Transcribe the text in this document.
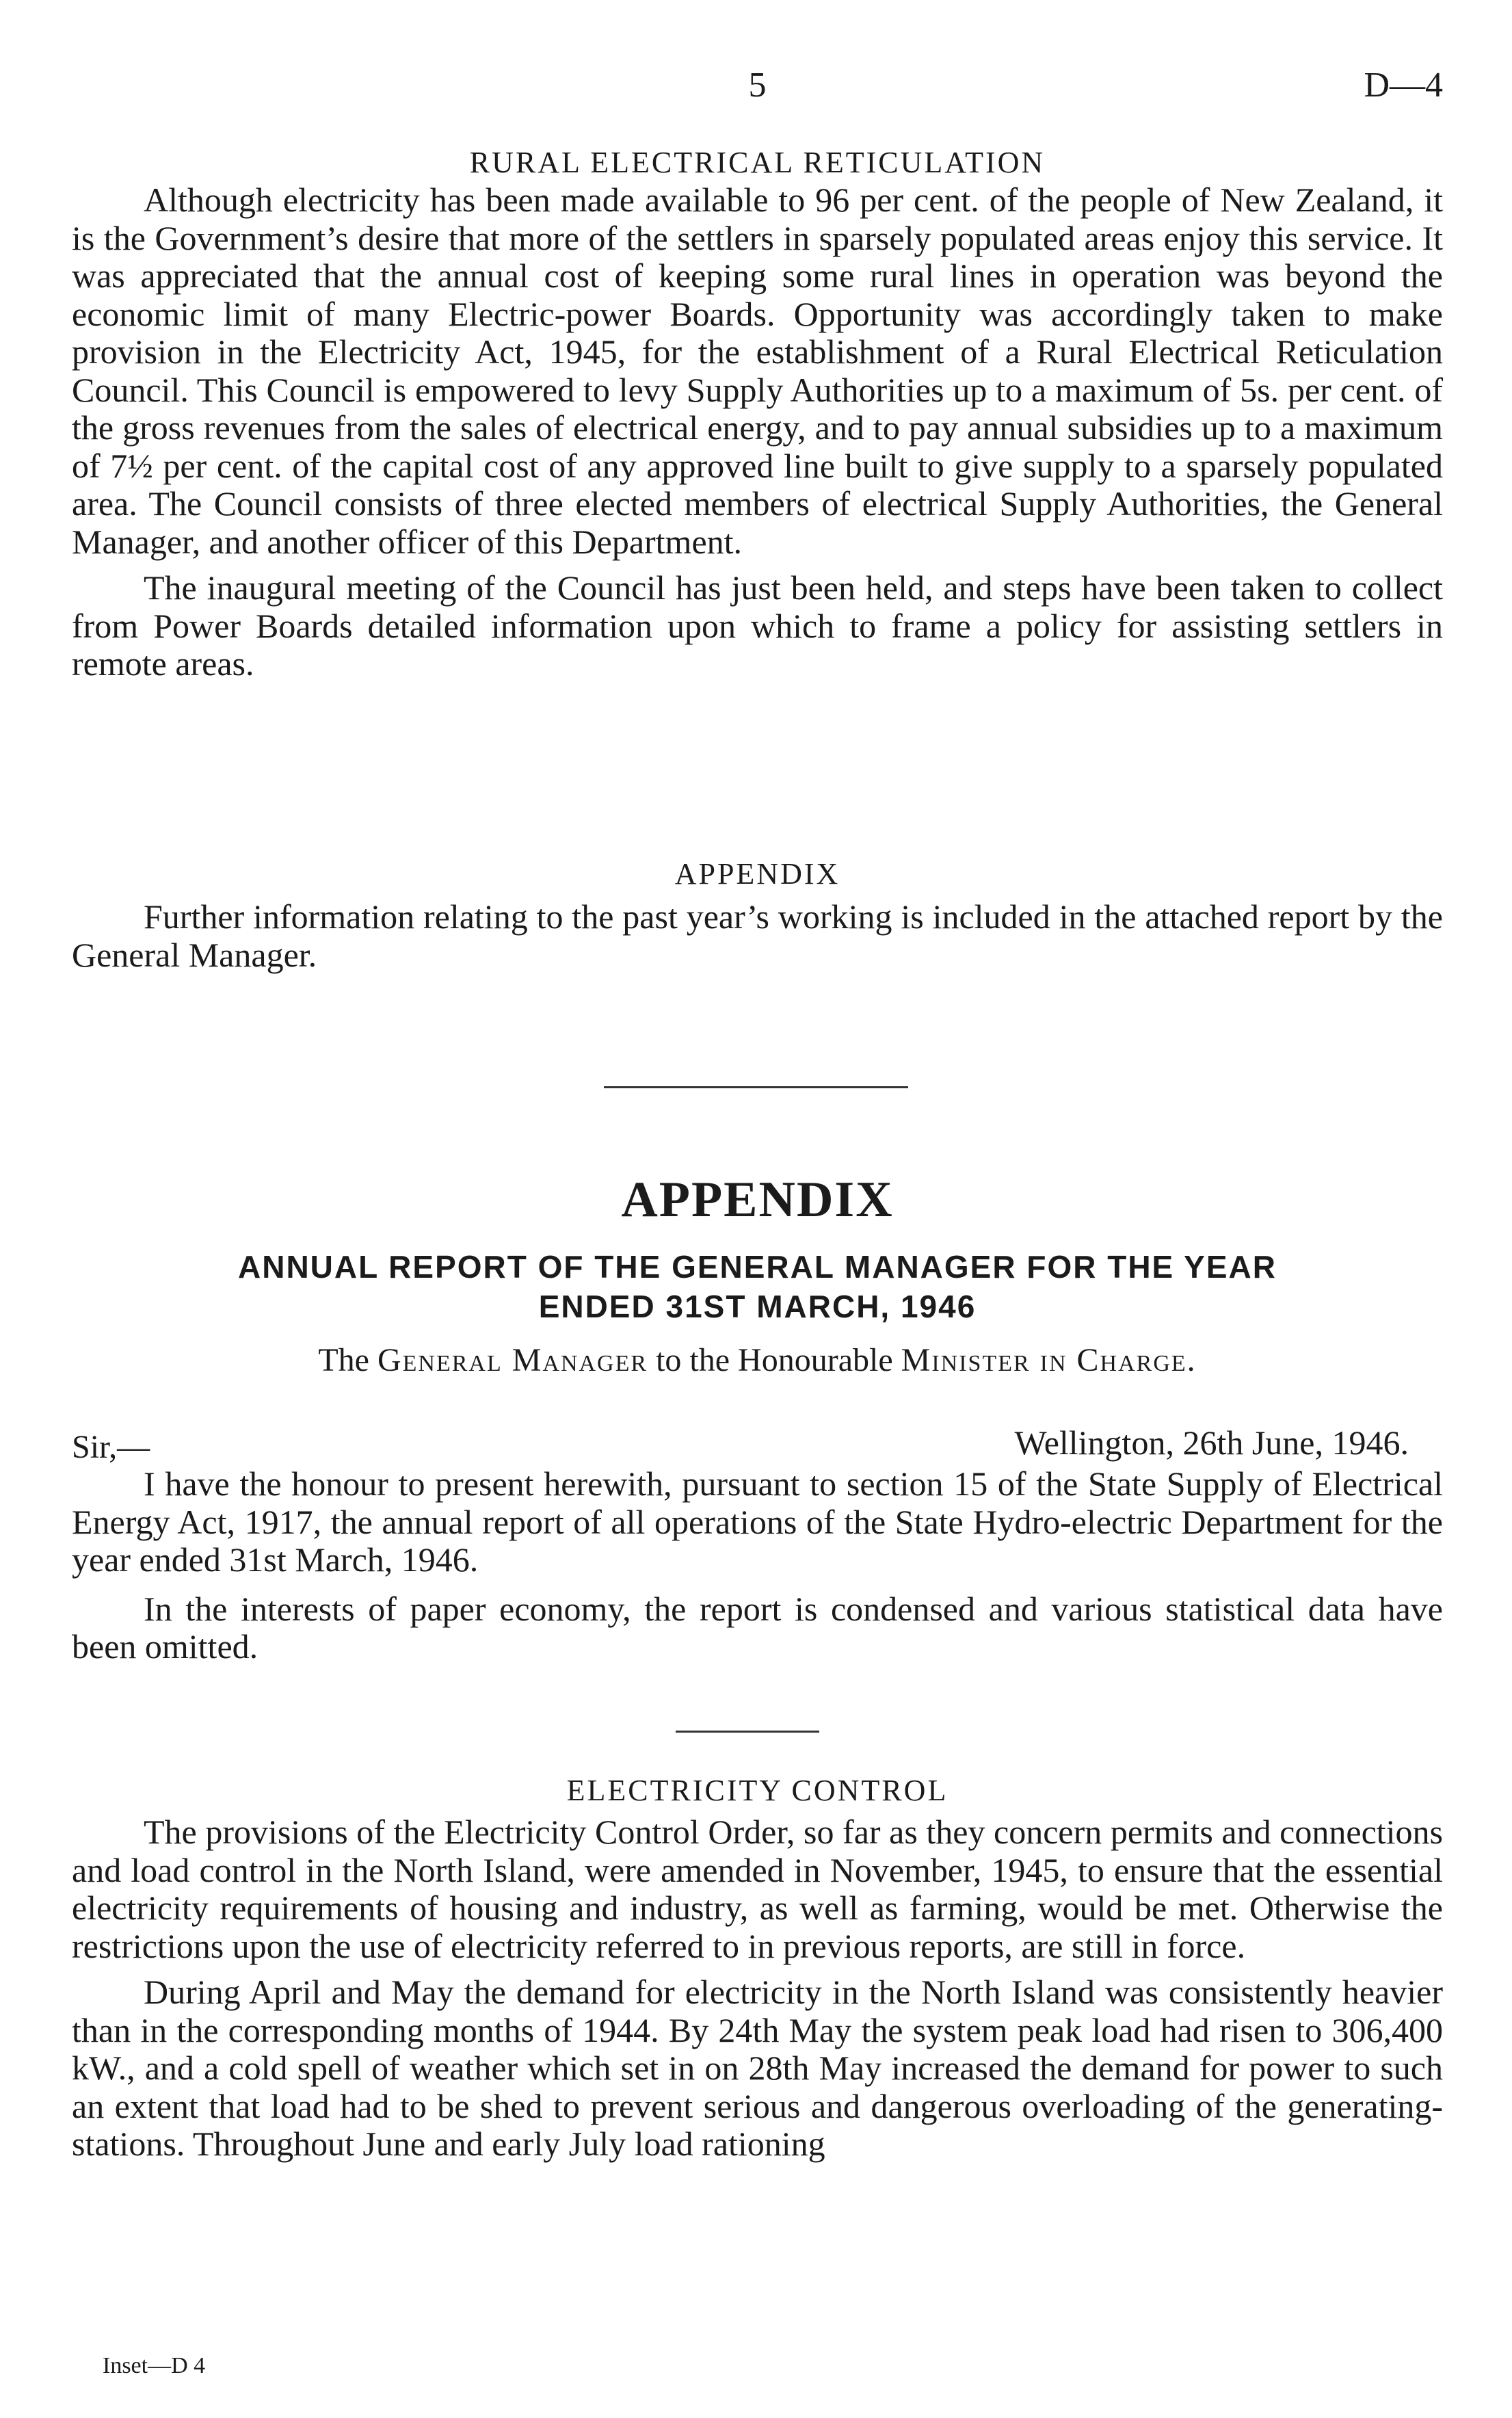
5	D—4
RURAL ELECTRICAL RETICULATION

Although electricity has been made available to 96 per cent. of the people of New Zealand, it is the Government’s desire that more of the settlers in sparsely populated areas enjoy this service. It was appreciated that the annual cost of keeping some rural lines in operation was beyond the economic limit of many Electric-power Boards. Opportunity was accordingly taken to make provision in the Electricity Act, 1945, for the establishment of a Rural Electrical Reticulation Council. This Council is empowered to levy Supply Authorities up to a maximum of 5s. per cent. of the gross revenues from the sales of electrical energy, and to pay annual subsidies up to a maximum of 7½ per cent. of the capital cost of any approved line built to give supply to a sparsely populated area. The Council consists of three elected members of electrical Supply Authorities, the General Manager, and another officer of this Department.

The inaugural meeting of the Council has just been held, and steps have been taken to collect from Power Boards detailed information upon which to frame a policy for assisting settlers in remote areas.

APPENDIX

Further information relating to the past year’s working is included in the attached report by the General Manager.

APPENDIX

ANNUAL REPORT OF THE GENERAL MANAGER FOR THE YEAR

ENDED 31ST MARCH, 1946

The General Manager to the Honourable Minister in Charge.

Sir,—	Wellington, 26th June, 1946.

I have the honour to present herewith, pursuant to section 15 of the State Supply of Electrical Energy Act, 1917, the annual report of all operations of the State Hydro-electric Department for the year ended 31st March, 1946.

In the interests of paper economy, the report is condensed and various statistical data have been omitted.

ELECTRICITY CONTROL

The provisions of the Electricity Control Order, so far as they concern permits and connections and load control in the North Island, were amended in November, 1945, to ensure that the essential electricity requirements of housing and industry, as well as farming, would be met. Otherwise the restrictions upon the use of electricity referred to in previous reports, are still in force.

During April and May the demand for electricity in the North Island was consistently heavier than in the corresponding months of 1944. By 24th May the system peak load had risen to 306,400 kW., and a cold spell of weather which set in on 28th May increased the demand for power to such an extent that load had to be shed to prevent serious and dangerous overloading of the generating-stations. Throughout June and early July load rationing

Inset—D 4
